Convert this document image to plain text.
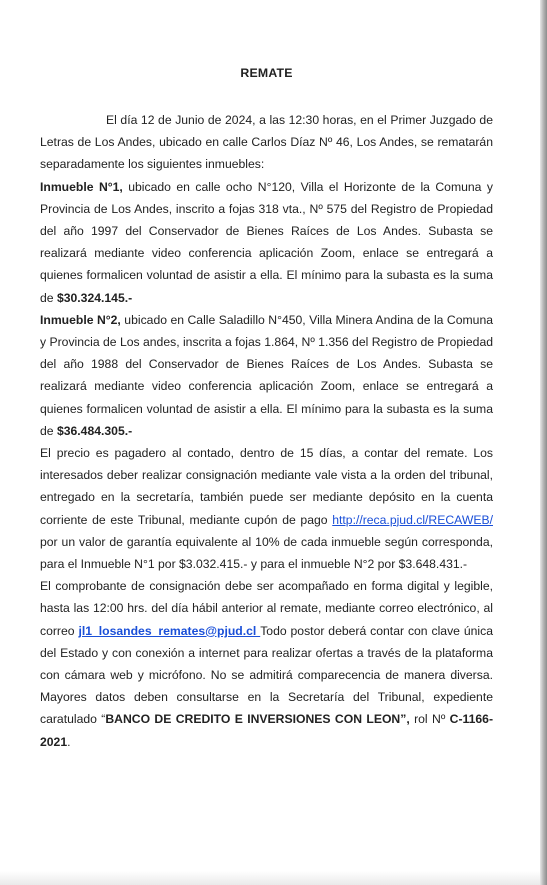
REMATE

El día 12 de Junio de 2024, a las 12:30 horas, en el Primer Juzgado de Letras de Los Andes, ubicado en calle Carlos Díaz Nº 46, Los Andes, se rematarán separadamente los siguientes inmuebles:

Inmueble N°1, ubicado en calle ocho N°120, Villa el Horizonte de la Comuna y Provincia de Los Andes, inscrito a fojas 318 vta., Nº 575 del Registro de Propiedad del año 1997 del Conservador de Bienes Raíces de Los Andes. Subasta se realizará mediante video conferencia aplicación Zoom, enlace se entregará a quienes formalicen voluntad de asistir a ella. El mínimo para la subasta es la suma de $30.324.145.-

Inmueble N°2, ubicado en Calle Saladillo N°450, Villa Minera Andina de la Comuna y Provincia de Los andes, inscrita a fojas 1.864, Nº 1.356 del Registro de Propiedad del año 1988 del Conservador de Bienes Raíces de Los Andes. Subasta se realizará mediante video conferencia aplicación Zoom, enlace se entregará a quienes formalicen voluntad de asistir a ella. El mínimo para la subasta es la suma de $36.484.305.-

El precio es pagadero al contado, dentro de 15 días, a contar del remate. Los interesados deber realizar consignación mediante vale vista a la orden del tribunal, entregado en la secretaría, también puede ser mediante depósito en la cuenta corriente de este Tribunal, mediante cupón de pago http://reca.pjud.cl/RECAWEB/ por un valor de garantía equivalente al 10% de cada inmueble según corresponda, para el Inmueble N°1 por $3.032.415.- y para el inmueble N°2 por $3.648.431.-

El comprobante de consignación debe ser acompañado en forma digital y legible, hasta las 12:00 hrs. del día hábil anterior al remate, mediante correo electrónico, al correo jl1_losandes_remates@pjud.cl Todo postor deberá contar con clave única del Estado y con conexión a internet para realizar ofertas a través de la plataforma con cámara web y micrófono. No se admitirá comparecencia de manera diversa. Mayores datos deben consultarse en la Secretaría del Tribunal, expediente caratulado “BANCO DE CREDITO E INVERSIONES CON LEON”, rol Nº C-1166-2021.
